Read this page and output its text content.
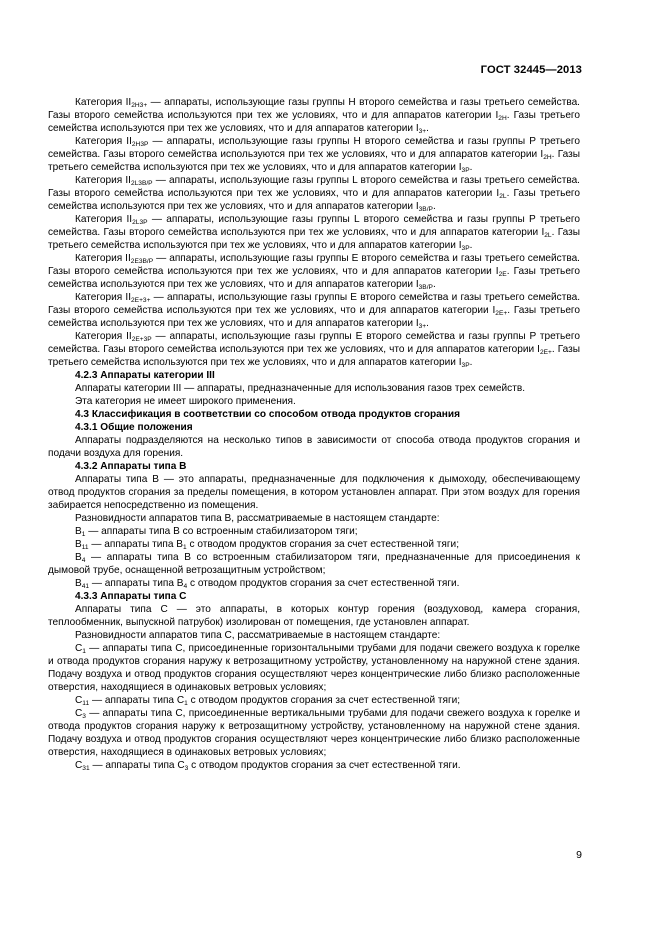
ГОСТ 32445—2013

Категория $II_{2H3+}$ — аппараты, использующие газы группы H второго семейства и газы третьего семейства. Газы второго семейства используются при тех же условиях, что и для аппаратов категории $I_{2H}$. Газы третьего семейства используются при тех же условиях, что и для аппаратов категории $I_{3+}$.

Категория $II_{2H3P}$ — аппараты, использующие газы группы H второго семейства и газы группы P третьего семейства. Газы второго семейства используются при тех же условиях, что и для аппаратов категории $I_{2H}$. Газы третьего семейства используются при тех же условиях, что и для аппаратов категории $I_{3P}$.

Категория $II_{2L3B/P}$ — аппараты, использующие газы группы L второго семейства и газы третьего семейства. Газы второго семейства используются при тех же условиях, что и для аппаратов категории $I_{2L}$. Газы третьего семейства используются при тех же условиях, что и для аппаратов категории $I_{3B/P}$.

Категория $II_{2L3P}$ — аппараты, использующие газы группы L второго семейства и газы группы P третьего семейства. Газы второго семейства используются при тех же условиях, что и для аппаратов категории $I_{2L}$. Газы третьего семейства используются при тех же условиях, что и для аппаратов категории $I_{3P}$.

Категория $II_{2E3B/P}$ — аппараты, использующие газы группы E второго семейства и газы третьего семейства. Газы второго семейства используются при тех же условиях, что и для аппаратов категории $I_{2E}$. Газы третьего семейства используются при тех же условиях, что и для аппаратов категории $I_{3B/P}$.

Категория $II_{2E+3+}$ — аппараты, использующие газы группы E второго семейства и газы третьего семейства. Газы второго семейства используются при тех же условиях, что и для аппаратов категории $I_{2E+}$. Газы третьего семейства используются при тех же условиях, что и для аппаратов категории $I_{3+}$.

Категория $II_{2E+3P}$ — аппараты, использующие газы группы E второго семейства и газы группы P третьего семейства. Газы второго семейства используются при тех же условиях, что и для аппаратов категории $I_{2E+}$. Газы третьего семейства используются при тех же условиях, что и для аппаратов категории $I_{3P}$.

4.2.3 Аппараты категории III

Аппараты категории III — аппараты, предназначенные для использования газов трех семейств.

Эта категория не имеет широкого применения.

4.3 Классификация в соответствии со способом отвода продуктов сгорания

4.3.1 Общие положения

Аппараты подразделяются на несколько типов в зависимости от способа отвода продуктов сгорания и подачи воздуха для горения.

4.3.2 Аппараты типа B

Аппараты типа B — это аппараты, предназначенные для подключения к дымоходу, обеспечивающему отвод продуктов сгорания за пределы помещения, в котором установлен аппарат. При этом воздух для горения забирается непосредственно из помещения.

Разновидности аппаратов типа B, рассматриваемые в настоящем стандарте:

$B_1$ — аппараты типа B со встроенным стабилизатором тяги;

$B_{11}$ — аппараты типа $B_1$ с отводом продуктов сгорания за счет естественной тяги;

$B_4$ — аппараты типа B со встроенным стабилизатором тяги, предназначенные для присоединения к дымовой трубе, оснащенной ветрозащитным устройством;

$B_{41}$ — аппараты типа $B_4$ с отводом продуктов сгорания за счет естественной тяги.

4.3.3 Аппараты типа C

Аппараты типа C — это аппараты, в которых контур горения (воздуховод, камера сгорания, теплообменник, выпускной патрубок) изолирован от помещения, где установлен аппарат.

Разновидности аппаратов типа C, рассматриваемые в настоящем стандарте:

$C_1$ — аппараты типа C, присоединенные горизонтальными трубами для подачи свежего воздуха к горелке и отвода продуктов сгорания наружу к ветрозащитному устройству, установленному на наружной стене здания. Подачу воздуха и отвод продуктов сгорания осуществляют через концентрические либо близко расположенные отверстия, находящиеся в одинаковых ветровых условиях;

$C_{11}$ — аппараты типа $C_1$ с отводом продуктов сгорания за счет естественной тяги;

$C_3$ — аппараты типа C, присоединенные вертикальными трубами для подачи свежего воздуха к горелке и отвода продуктов сгорания наружу к ветрозащитному устройству, установленному на наружной стене здания. Подачу воздуха и отвод продуктов сгорания осуществляют через концентрические либо близко расположенные отверстия, находящиеся в одинаковых ветровых условиях;

$C_{31}$ — аппараты типа $C_3$ с отводом продуктов сгорания за счет естественной тяги.

9
